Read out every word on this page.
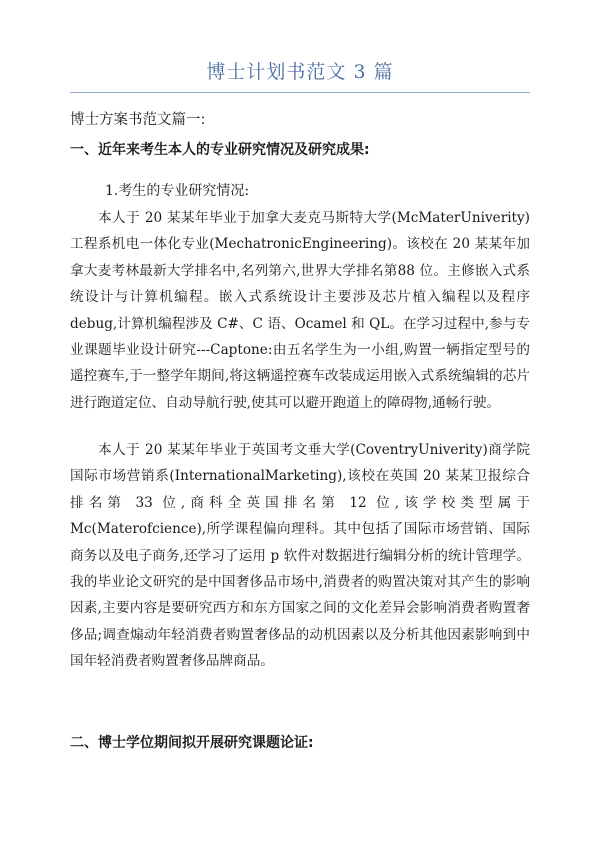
博士计划书范文 3 篇
博士方案书范文篇一:
一、近年来考生本人的专业研究情况及研究成果:
1.考生的专业研究情况:
本人于 20 某某年毕业于加拿大麦克马斯特大学(McMaterUniverity)工程系机电一体化专业(MechatronicEngineering)。该校在 20 某某年加拿大麦考林最新大学排名中,名列第六,世界大学排名第88 位。主修嵌入式系统设计与计算机编程。嵌入式系统设计主要涉及芯片植入编程以及程序 debug,计算机编程涉及 C#、C 语、Ocamel 和 QL。在学习过程中,参与专业课题毕业设计研究---Captone:由五名学生为一小组,购置一辆指定型号的遥控赛车,于一整学年期间,将这辆遥控赛车改装成运用嵌入式系统编辑的芯片进行跑道定位、自动导航行驶,使其可以避开跑道上的障碍物,通畅行驶。
本人于 20 某某年毕业于英国考文垂大学(CoventryUniverity)商学院国际市场营销系(InternationalMarketing),该校在英国 20 某某卫报综合排名第 33 位,商科全英国排名第 12 位,该学校类型属于Mc(Materofcience),所学课程偏向理科。其中包括了国际市场营销、国际商务以及电子商务,还学习了运用 p 软件对数据进行编辑分析的统计管理学。我的毕业论文研究的是中国奢侈品市场中,消费者的购置决策对其产生的影响因素,主要内容是要研究西方和东方国家之间的文化差异会影响消费者购置奢侈品;调查煽动年轻消费者购置奢侈品的动机因素以及分析其他因素影响到中国年轻消费者购置奢侈品牌商品。
二、博士学位期间拟开展研究课题论证:
